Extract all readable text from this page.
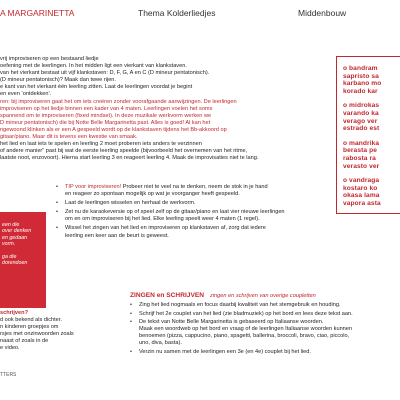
A MARGARINETTA	Thema Kolderliedjes	Middenbouw
vrij improviseren op een bestaand liedje
oefening met de leerlingen. In het midden ligt een vierkant van klankstaven.
van het vierkant bestaat uit vijf klankstaven: D, F, G, A en C (D mineur pentatonisch).
(D mineur pentatonisch)? Maak dan twee rijen.
e kant van het vierkant één leerling zitten. Laat de leerlingen voordat je begint
en even ‘ontdekken’.
ren: bij improviseren gaat het om iets creëren zonder voorafgaande aanwijzingen. De leerlingen
improviseren op het liedje binnen een kader van 4 maten. Leerlingen voelen het soms
spannend om te improviseren (fixed mindset). In deze muzikale werkvorm werken we
D mineur pentatonisch) die bij Notte Belle Margarinetta past. Alles is goed! Al kan het
ngewoond klinken als er een A gespeeld wordt op de klankstaven tijdens het Bb-akkoord op
gitaar/piano. Maar dit is tevens een kwestie van smaak.
het lied en laat iets te spelen en leerling 2 moet proberen iets anders te verzinnen
of andere manier” past bij wat de eerste leerling speelde (bijvoorbeeld het overnemen van het ritme,
laatste noot, enzovoort). Hierna start leerling 3 en reageert leerling 4. Maak de improvisaties niet te lang.
o bandram
sapristo sa
karbano mo
korado kar
o midrokas
varando ka
verago ver
estrado est
o mandrika
berasta pe
rabosta ra
verasto ver
o vandraga
kostaro ko
okasa lama
vapora asta
een die
over denken
en gedaan
vorm.

ga die
dorendoen
• TIP voor improviseren! Probeer niet te veel na te denken, neem de stok in je hand
en reageer zo spontaan mogelijk op wat je voorganger heeft gespeeld.
• Laat de leerlingen wisselen en herhaal de werkvorm.
• Zet nu de karaokeversie op of speel zelf op de gitaar/piano en laat vier nieuwe leerlingen
om en om improviseren bij het lied. Elke leerling speelt weer 4 maten (1 regel).
• Wissel het zingen van het lied en improviseren op klankstaven af, zorg dat iedere
leerling een keer aan de beurt is geweest.
ZINGEN en SCHRIJVEN zingen en schrijven van overige coupletten
• Zing het lied nogmaals en focus daarbij kwaliteit van het stemgebruik en houding.
• Schrijf het 2e couplet van het lied (zie bladmuziek) op het bord en lees deze tekst aan.
• De tekst van Notte Belle Margarinetta is gebaseerd op Italiaanse woorden.
Maak een woordweb op het bord en vraag of de leerlingen Italiaanse woorden kunnen
benoemen (pizza, cappucino, piano, spagetti, ballerina, broccoli, bravo, ciao, piccolo,
uno, diva, basta).
• Verzin nu samen met de leerlingen een 3e (en 4e) couplet bij het lied.
schrijven?
d ook bekend als dichter.
n kinderen groepjes om
rsjes met onzinwoorden zoals
naast of zoals in de
e video.
TTERS
